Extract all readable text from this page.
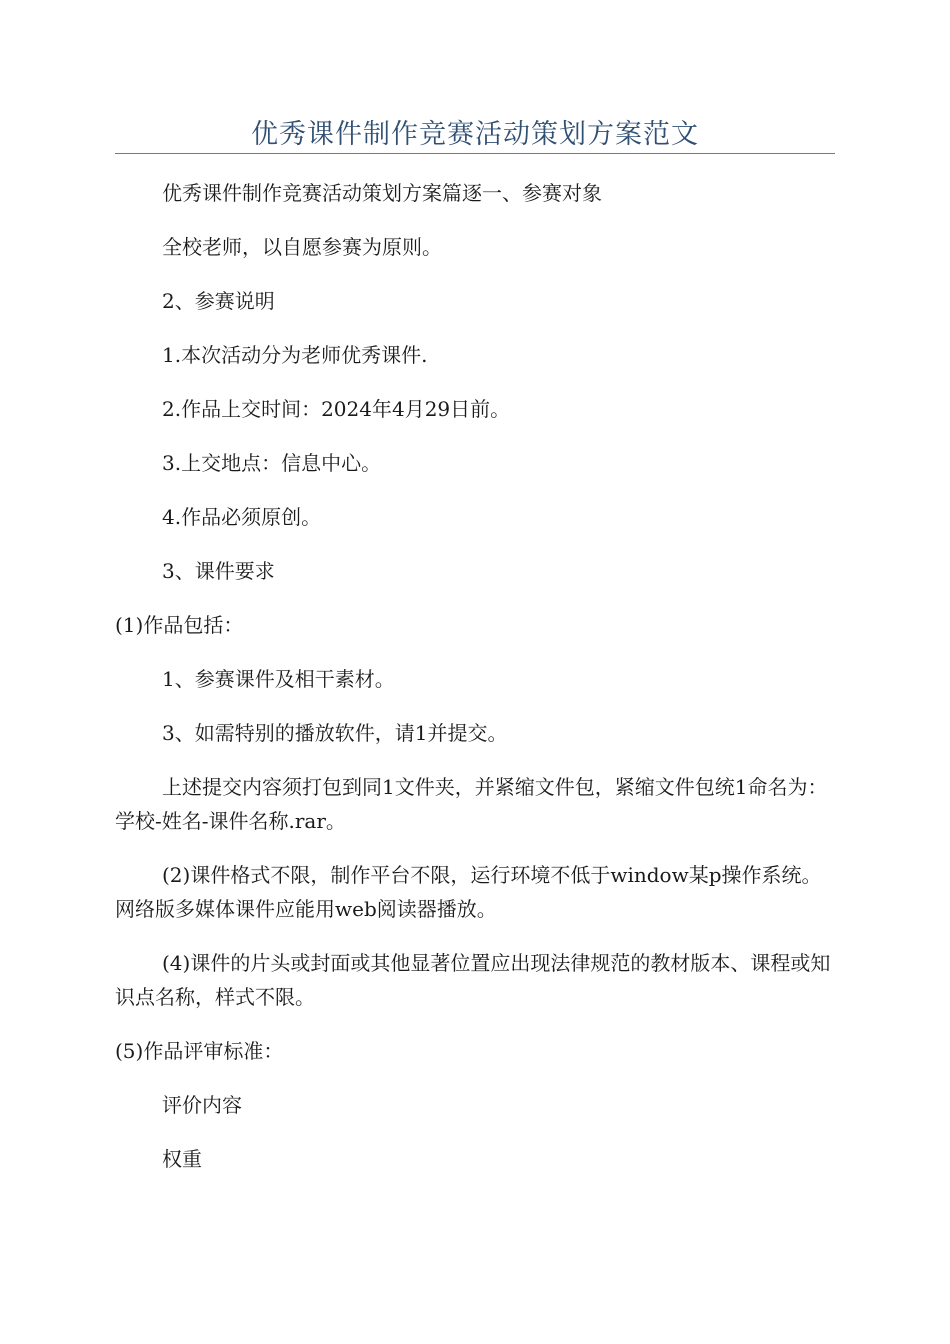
优秀课件制作竞赛活动策划方案范文

优秀课件制作竞赛活动策划方案篇逐一、参赛对象

全校老师，以自愿参赛为原则。

2、参赛说明

1.本次活动分为老师优秀课件.

2.作品上交时间：2024年4月29日前。

3.上交地点：信息中心。

4.作品必须原创。

3、课件要求

(1)作品包括：

1、参赛课件及相干素材。

3、如需特别的播放软件，请1并提交。

上述提交内容须打包到同1文件夹，并紧缩文件包，紧缩文件包统1命名为：学校-姓名-课件名称.rar。

(2)课件格式不限，制作平台不限，运行环境不低于window某p操作系统。网络版多媒体课件应能用web阅读器播放。

(4)课件的片头或封面或其他显著位置应出现法律规范的教材版本、课程或知识点名称，样式不限。

(5)作品评审标准：

评价内容

权重
